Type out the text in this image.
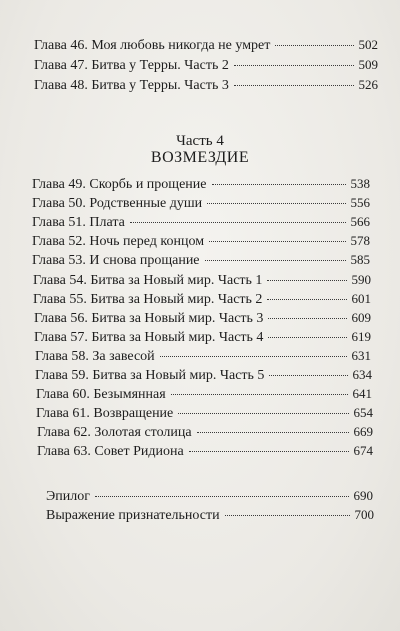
Глава 46. Моя любовь никогда не умрет	502
Глава 47. Битва у Терры. Часть 2	509
Глава 48. Битва у Терры. Часть 3	526
Часть 4
ВОЗМЕЗДИЕ
Глава 49. Скорбь и прощение	538
Глава 50. Родственные души	556
Глава 51. Плата	566
Глава 52. Ночь перед концом	578
Глава 53. И снова прощание	585
Глава 54. Битва за Новый мир. Часть 1	590
Глава 55. Битва за Новый мир. Часть 2	601
Глава 56. Битва за Новый мир. Часть 3	609
Глава 57. Битва за Новый мир. Часть 4	619
Глава 58. За завесой	631
Глава 59. Битва за Новый мир. Часть 5	634
Глава 60. Безымянная	641
Глава 61. Возвращение	654
Глава 62. Золотая столица	669
Глава 63. Совет Ридиона	674
Эпилог	690
Выражение признательности	700
